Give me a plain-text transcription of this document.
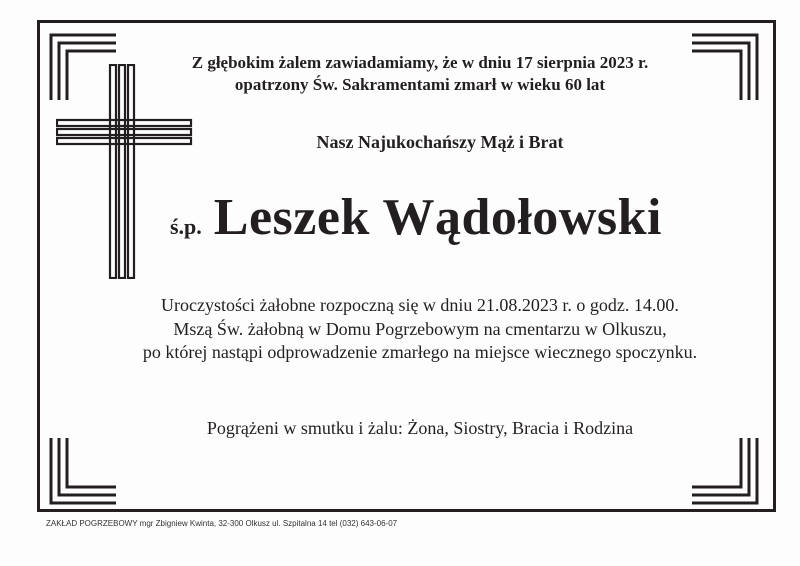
Z głębokim żalem zawiadamiamy, że w dniu 17 sierpnia 2023 r.
opatrzony Św. Sakramentami zmarł w wieku 60 lat
Nasz Najukochańszy Mąż i Brat
ś.p. Leszek Wądołowski
Uroczystości żałobne rozpoczną się w dniu 21.08.2023 r. o godz. 14.00.
Mszą Św. żałobną w Domu Pogrzebowym na cmentarzu w Olkuszu,
po której nastąpi odprowadzenie zmarłego na miejsce wiecznego spoczynku.
Pogrążeni w smutku i żalu: Żona, Siostry, Bracia i Rodzina
ZAKŁAD POGRZEBOWY mgr Zbigniew Kwinta, 32-300 Olkusz ul. Szpitalna 14 tel (032) 643-06-07
